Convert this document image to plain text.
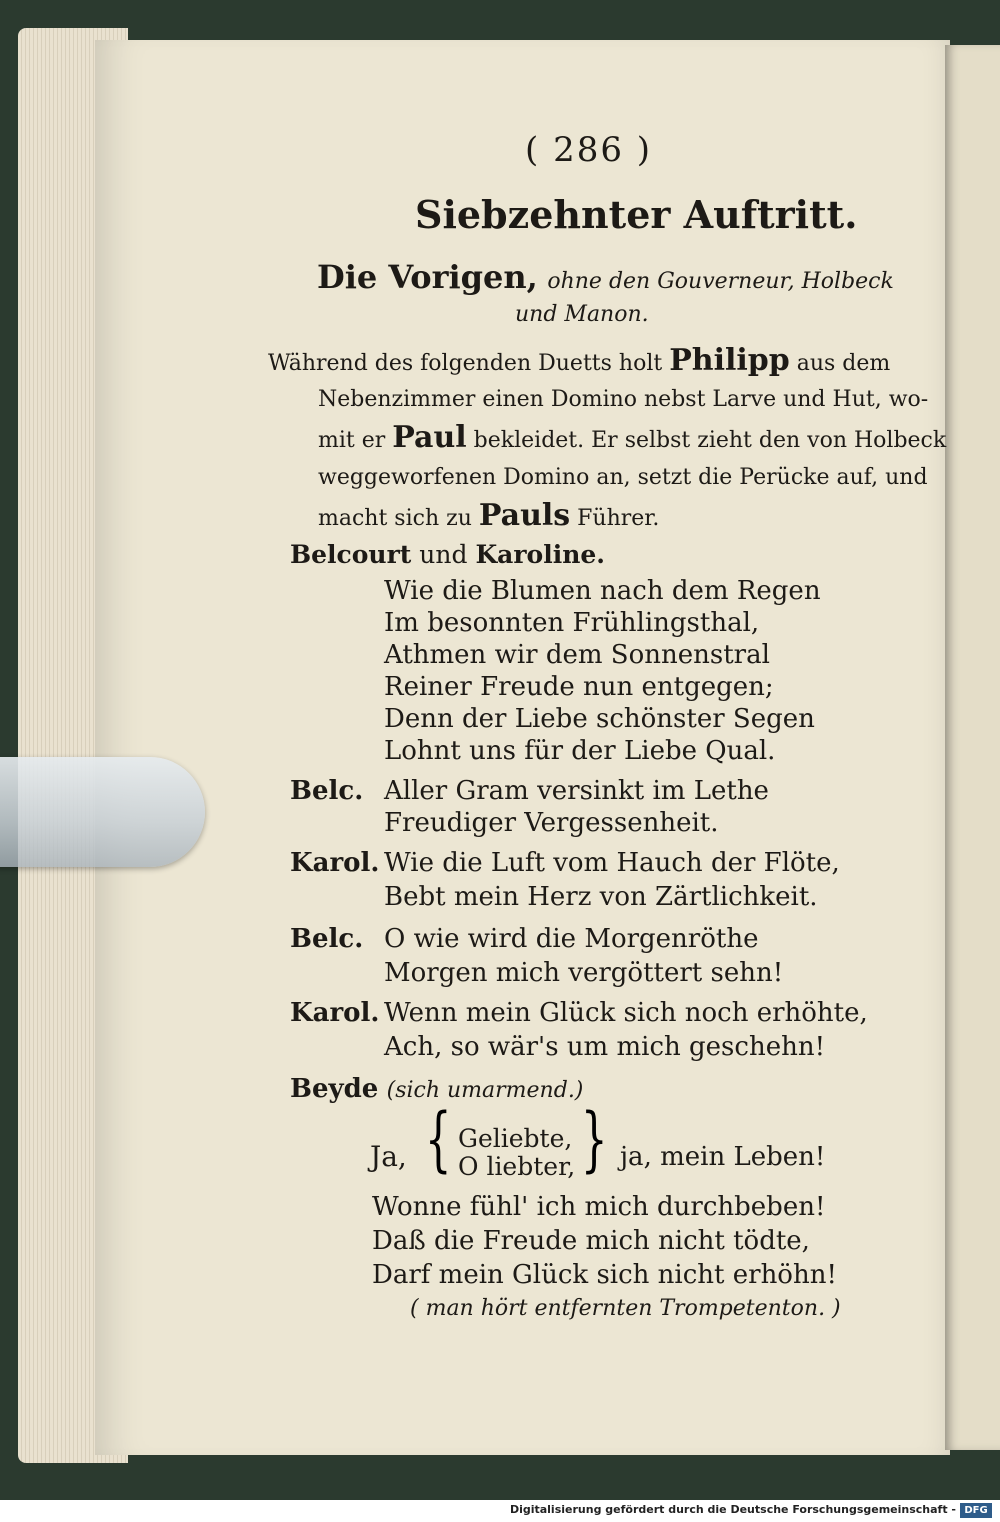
( 286 )
Siebzehnter Auftritt.
Die Vorigen, ohne den Gouverneur, Holbeck
und Manon.
Während des folgenden Duetts holt Philipp aus dem
Nebenzimmer einen Domino nebst Larve und Hut, wo-
mit er Paul bekleidet. Er selbst zieht den von Holbeck
weggeworfenen Domino an, setzt die Perücke auf, und
macht sich zu Pauls Führer.
Belcourt und Karoline.
Wie die Blumen nach dem Regen
Im besonnten Frühlingsthal,
Athmen wir dem Sonnenstral
Reiner Freude nun entgegen;
Denn der Liebe schönster Segen
Lohnt uns für der Liebe Qual.
Belc. Aller Gram versinkt im Lethe
Freudiger Vergessenheit.
Karol. Wie die Luft vom Hauch der Flöte,
Bebt mein Herz von Zärtlichkeit.
Belc. O wie wird die Morgenröthe
Morgen mich vergöttert sehn!
Karol. Wenn mein Glück sich noch erhöhte,
Ach, so wär's um mich geschehn!
Beyde (sich umarmend.)
Ja, { Geliebte,
O liebter, } ja, mein Leben!
Wonne fühl' ich mich durchbeben!
Daß die Freude mich nicht tödte,
Darf mein Glück sich nicht erhöhn!
( man hört entfernten Trompetenton. )
Digitalisierung gefördert durch die Deutsche Forschungsgemeinschaft - DFG
